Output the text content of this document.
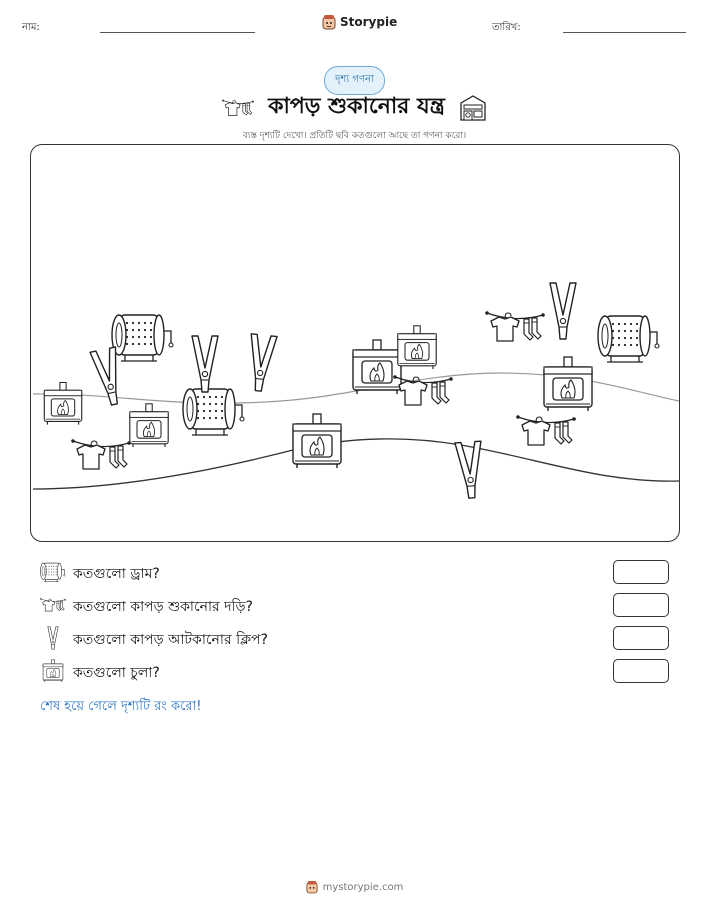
নাম:	Storypie	তারিখ:
দৃশ্য গণনা
কাপড় শুকানোর যন্ত্র
ব্যস্ত দৃশ্যটি দেখো। প্রতিটি ছবি কতগুলো আছে তা গণনা করো।
কতগুলো ড্রাম?
কতগুলো কাপড় শুকানোর দড়ি?
কতগুলো কাপড় আটকানোর ক্লিপ?
কতগুলো চুলা?
শেষ হয়ে গেলে দৃশ্যটি রং করো!
mystorypie.com
